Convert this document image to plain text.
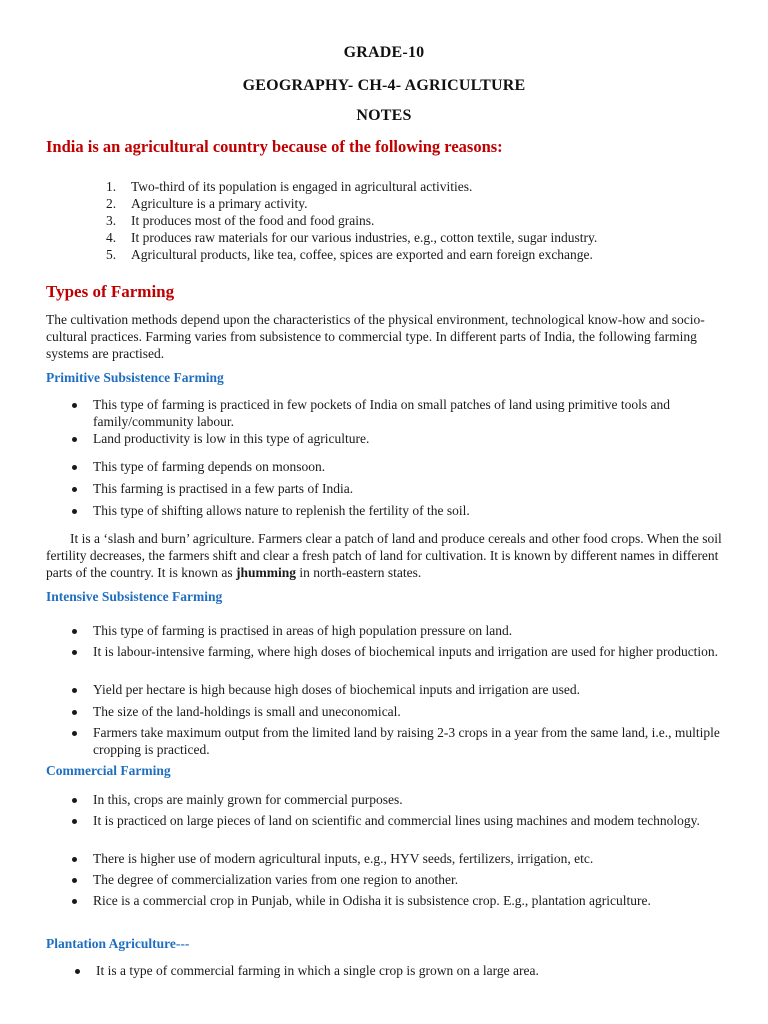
GRADE-10
GEOGRAPHY- CH-4- AGRICULTURE
NOTES
India is an agricultural country because of the following reasons:
1.	Two-third of its population is engaged in agricultural activities.
2.	Agriculture is a primary activity.
3.	It produces most of the food and food grains.
4.	It produces raw materials for our various industries, e.g., cotton textile, sugar industry.
5.	Agricultural products, like tea, coffee, spices are exported and earn foreign exchange.
Types of Farming
The cultivation methods depend upon the characteristics of the physical environment, technological know-how and socio-cultural practices. Farming varies from subsistence to commercial type. In different parts of India, the following farming systems are practised.
Primitive Subsistence Farming
This type of farming is practiced in few pockets of India on small patches of land using primitive tools and family/community labour.
Land productivity is low in this type of agriculture.
This type of farming depends on monsoon.
This farming is practised in a few parts of India.
This type of shifting allows nature to replenish the fertility of the soil.
It is a ‘slash and burn’ agriculture. Farmers clear a patch of land and produce cereals and other food crops. When the soil fertility decreases, the farmers shift and clear a fresh patch of land for cultivation. It is known by different names in different parts of the country. It is known as jhumming in north-eastern states.
Intensive Subsistence Farming
This type of farming is practised in areas of high population pressure on land.
It is labour-intensive farming, where high doses of biochemical inputs and irrigation are used for higher production.
Yield per hectare is high because high doses of biochemical inputs and irrigation are used.
The size of the land-holdings is small and uneconomical.
Farmers take maximum output from the limited land by raising 2-3 crops in a year from the same land, i.e., multiple cropping is practiced.
Commercial Farming
In this, crops are mainly grown for commercial purposes.
It is practiced on large pieces of land on scientific and commercial lines using machines and modem technology.
There is higher use of modern agricultural inputs, e.g., HYV seeds, fertilizers, irrigation, etc.
The degree of commercialization varies from one region to another.
Rice is a commercial crop in Punjab, while in Odisha it is subsistence crop. E.g., plantation agriculture.
Plantation Agriculture---
It is a type of commercial farming in which a single crop is grown on a large area.
